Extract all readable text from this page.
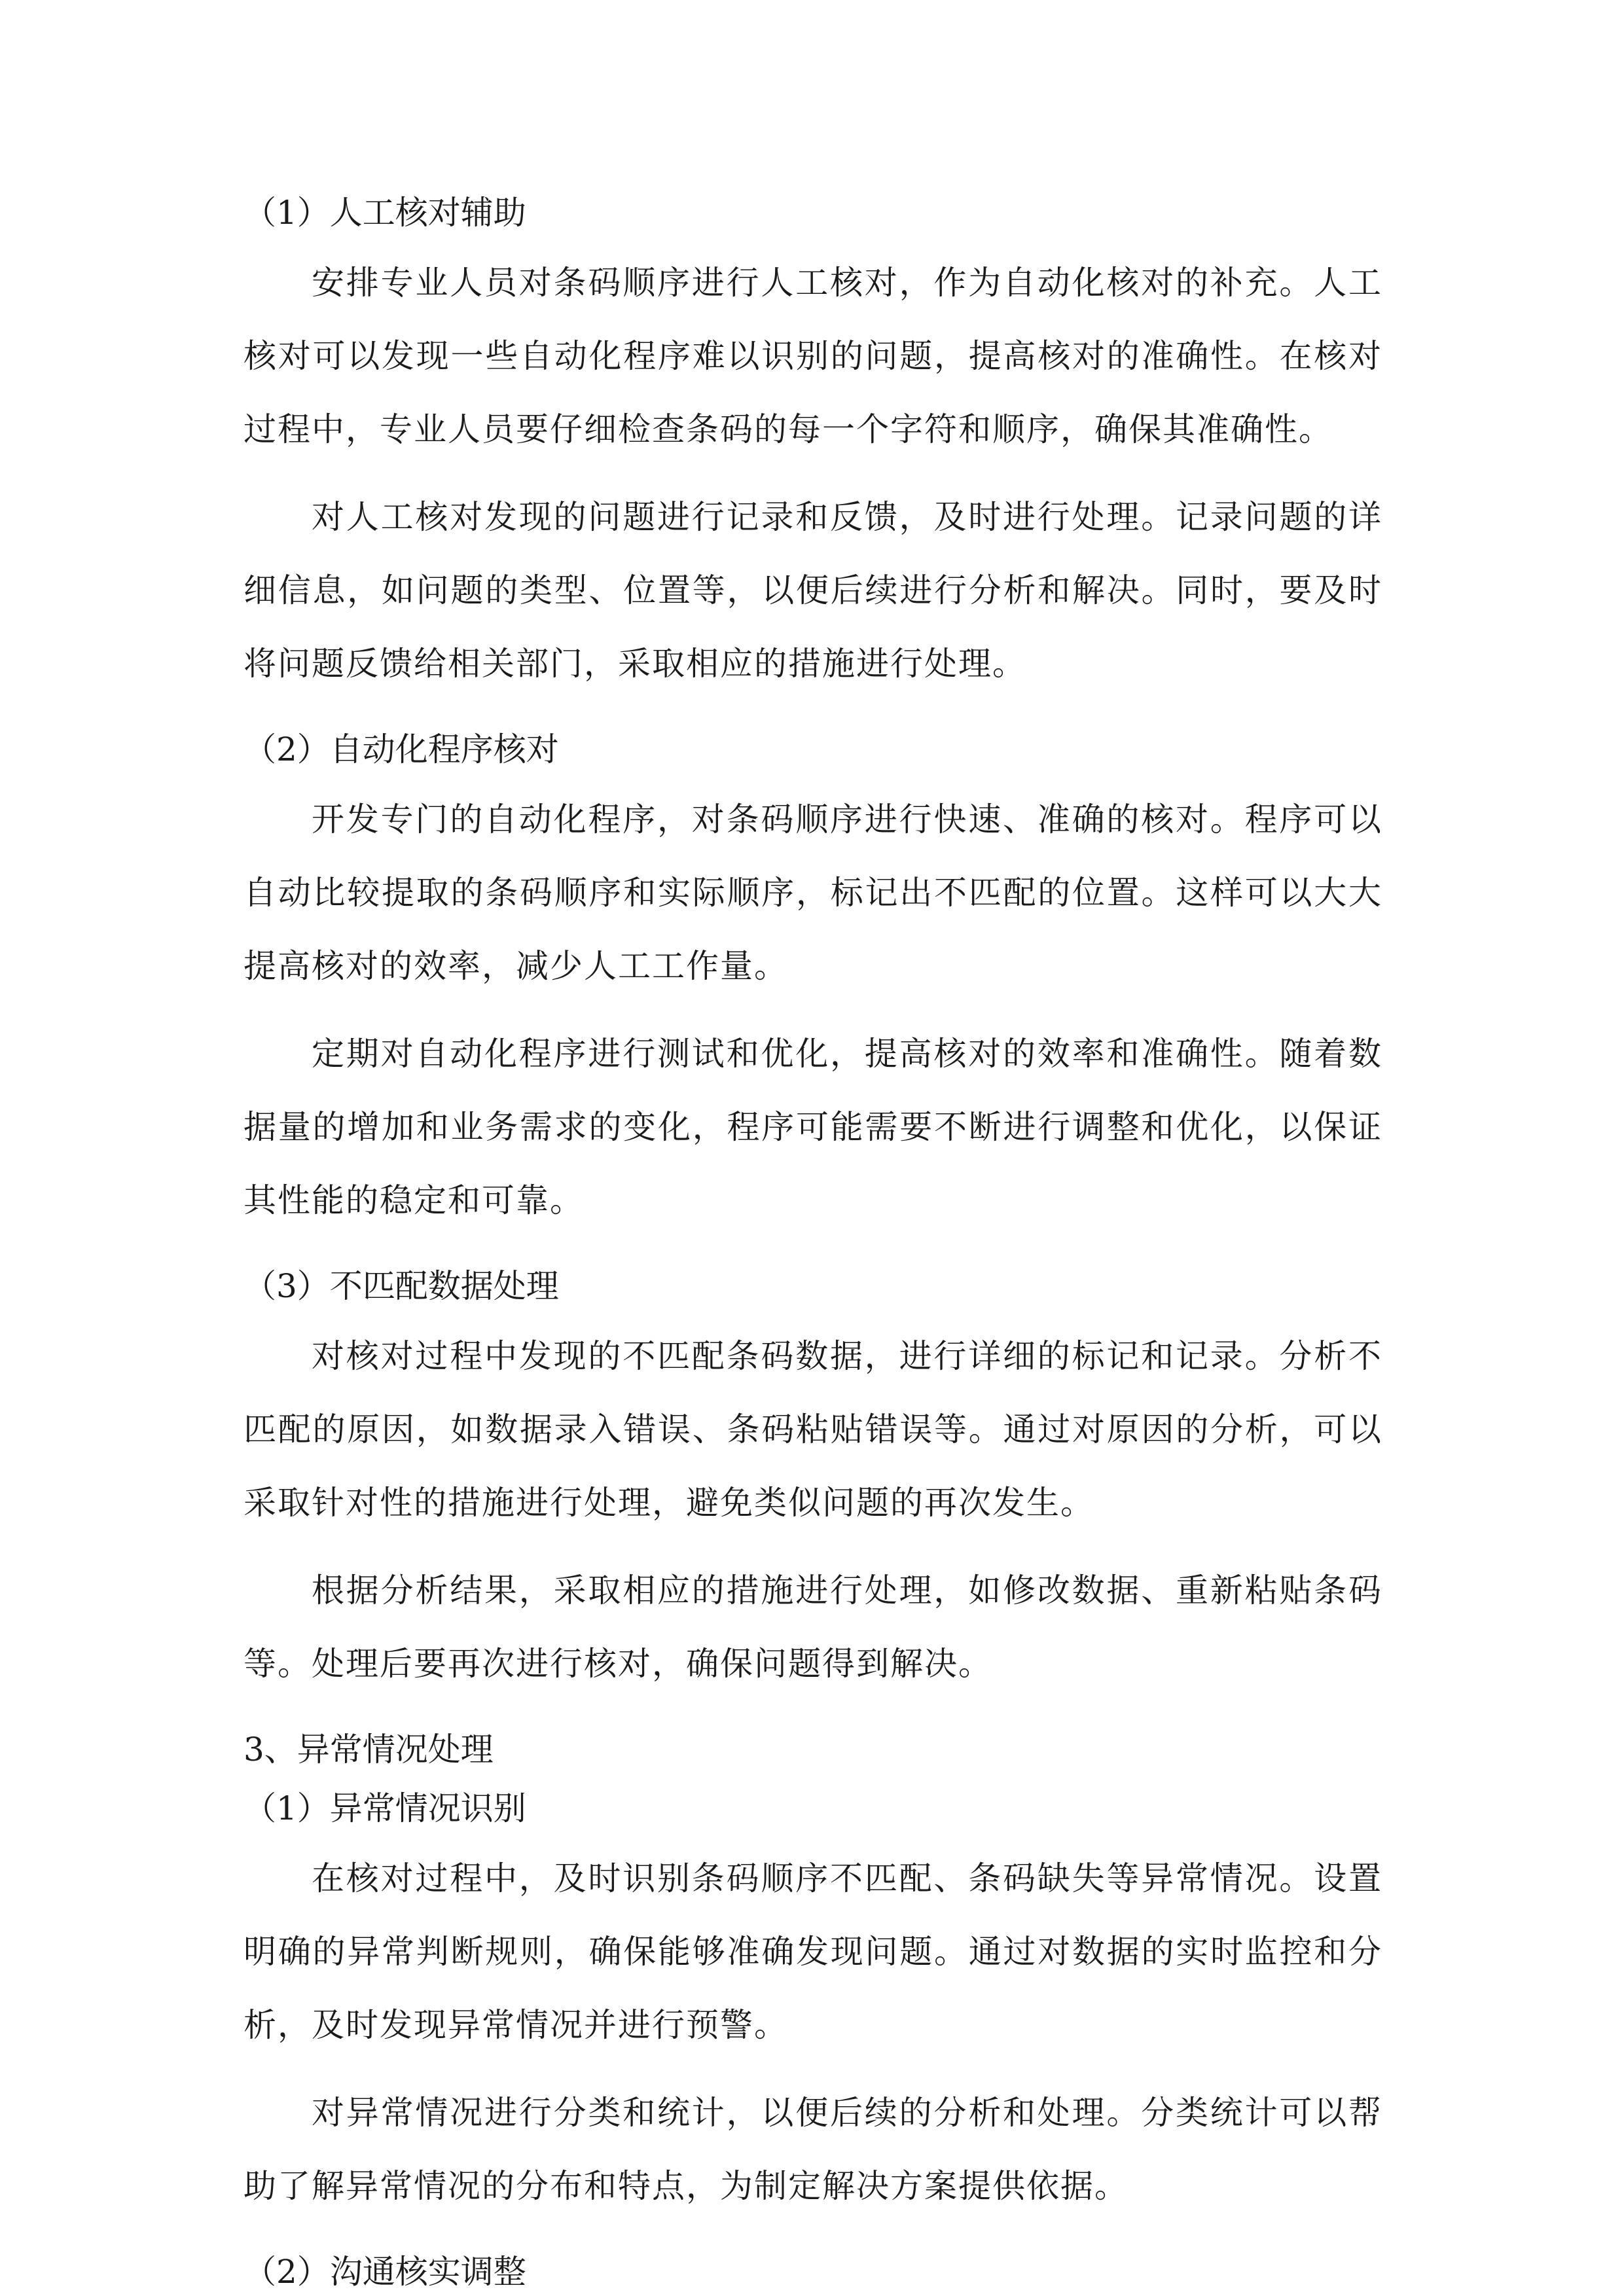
（1）人工核对辅助

安排专业人员对条码顺序进行人工核对，作为自动化核对的补充。人工核对可以发现一些自动化程序难以识别的问题，提高核对的准确性。在核对过程中，专业人员要仔细检查条码的每一个字符和顺序，确保其准确性。

对人工核对发现的问题进行记录和反馈，及时进行处理。记录问题的详细信息，如问题的类型、位置等，以便后续进行分析和解决。同时，要及时将问题反馈给相关部门，采取相应的措施进行处理。

（2）自动化程序核对

开发专门的自动化程序，对条码顺序进行快速、准确的核对。程序可以自动比较提取的条码顺序和实际顺序，标记出不匹配的位置。这样可以大大提高核对的效率，减少人工工作量。

定期对自动化程序进行测试和优化，提高核对的效率和准确性。随着数据量的增加和业务需求的变化，程序可能需要不断进行调整和优化，以保证其性能的稳定和可靠。

（3）不匹配数据处理

对核对过程中发现的不匹配条码数据，进行详细的标记和记录。分析不匹配的原因，如数据录入错误、条码粘贴错误等。通过对原因的分析，可以采取针对性的措施进行处理，避免类似问题的再次发生。

根据分析结果，采取相应的措施进行处理，如修改数据、重新粘贴条码等。处理后要再次进行核对，确保问题得到解决。

3、异常情况处理

（1）异常情况识别

在核对过程中，及时识别条码顺序不匹配、条码缺失等异常情况。设置明确的异常判断规则，确保能够准确发现问题。通过对数据的实时监控和分析，及时发现异常情况并进行预警。

对异常情况进行分类和统计，以便后续的分析和处理。分类统计可以帮助了解异常情况的分布和特点，为制定解决方案提供依据。

（2）沟通核实调整
